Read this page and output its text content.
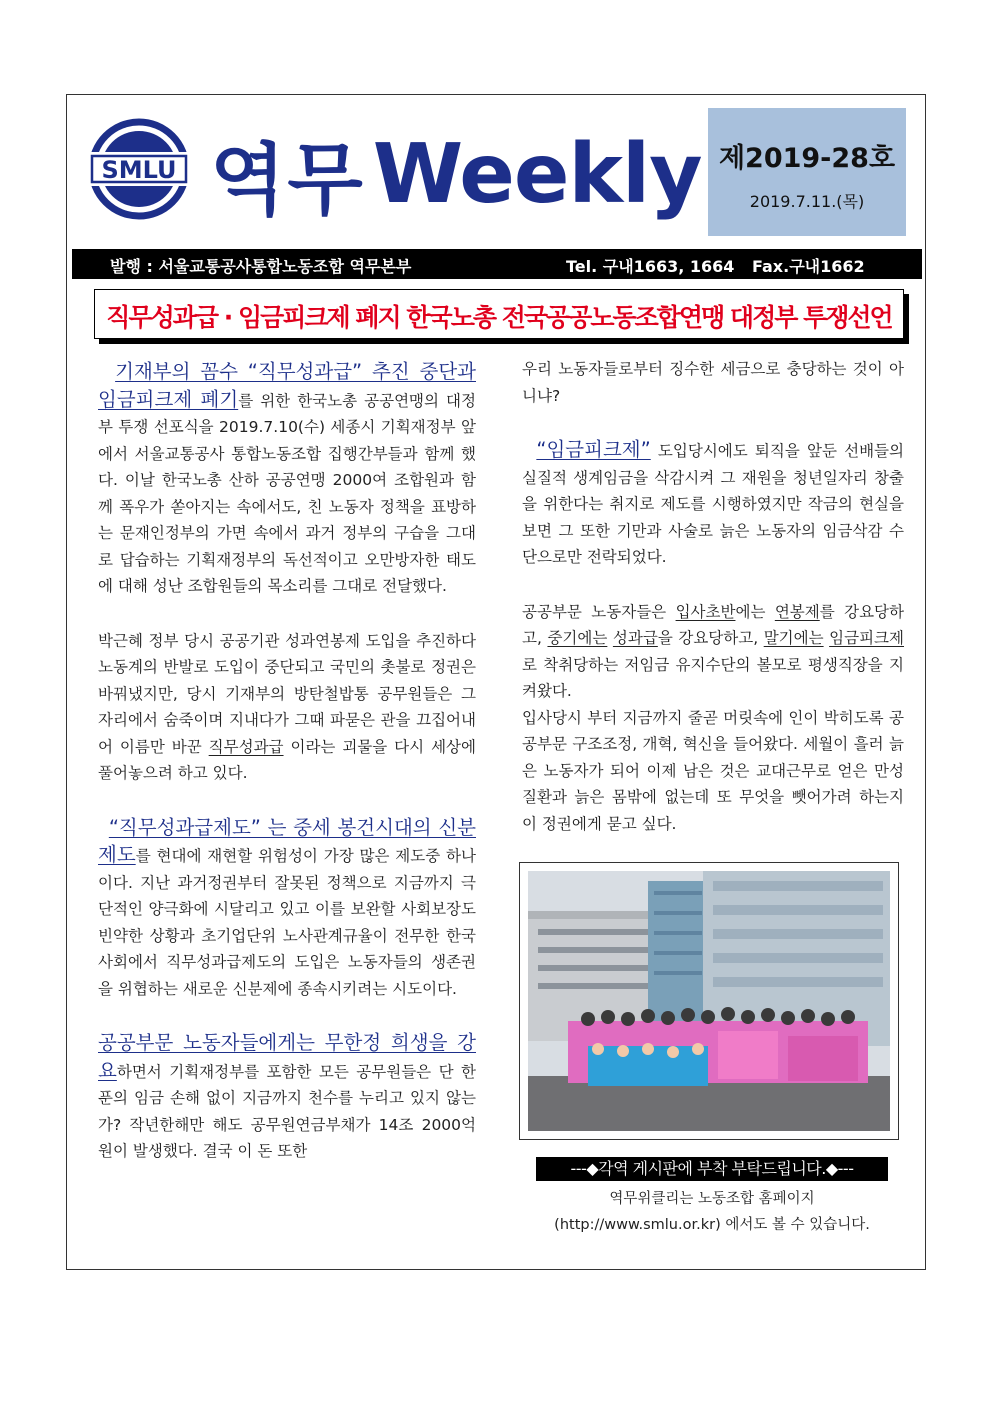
SMLU 역무Weekly 제2019-28호
2019.7.11.(목)
발행 : 서울교통공사통합노동조합 역무본부	Tel. 구내1663, 1664 Fax.구내1662
직무성과급 · 임금피크제 폐지 한국노총 전국공공노동조합연맹 대정부 투쟁선언

기재부의 꼼수 “직무성과급” 추진 중단과 임금피크제 폐기를 위한 한국노총 공공연맹의 대정부 투쟁 선포식을 2019.7.10(수) 세종시 기획재정부 앞에서 서울교통공사 통합노동조합 집행간부들과 함께 했다. 이날 한국노총 산하 공공연맹 2000여 조합원과 함께 폭우가 쏟아지는 속에서도, 친 노동자 정책을 표방하는 문재인정부의 가면 속에서 과거 정부의 구습을 그대로 답습하는 기획재정부의 독선적이고 오만방자한 태도에 대해 성난 조합원들의 목소리를 그대로 전달했다.

박근혜 정부 당시 공공기관 성과연봉제 도입을 추진하다 노동계의 반발로 도입이 중단되고 국민의 촛불로 정권은 바꿔냈지만, 당시 기재부의 방탄철밥통 공무원들은 그 자리에서 숨죽이며 지내다가 그때 파묻은 관을 끄집어내어 이름만 바꾼 직무성과급 이라는 괴물을 다시 세상에 풀어놓으려 하고 있다.

“직무성과급제도” 는 중세 봉건시대의 신분제도를 현대에 재현할 위험성이 가장 많은 제도중 하나이다. 지난 과거정권부터 잘못된 정책으로 지금까지 극단적인 양극화에 시달리고 있고 이를 보완할 사회보장도 빈약한 상황과 초기업단위 노사관계규율이 전무한 한국사회에서 직무성과급제도의 도입은 노동자들의 생존권을 위협하는 새로운 신분제에 종속시키려는 시도이다.

공공부문 노동자들에게는 무한정 희생을 강요하면서 기획재정부를 포함한 모든 공무원들은 단 한 푼의 임금 손해 없이 지금까지 천수를 누리고 있지 않는가? 작년한해만 해도 공무원연금부채가 14조 2000억 원이 발생했다. 결국 이 돈 또한

우리 노동자들로부터 징수한 세금으로 충당하는 것이 아니냐?

“임금피크제” 도입당시에도 퇴직을 앞둔 선배들의 실질적 생계임금을 삭감시켜 그 재원을 청년일자리 창출을 위한다는 취지로 제도를 시행하였지만 작금의 현실을 보면 그 또한 기만과 사술로 늙은 노동자의 임금삭감 수단으로만 전락되었다.

공공부문 노동자들은 입사초반에는 연봉제를 강요당하고, 중기에는 성과급을 강요당하고, 말기에는 임금피크제로 착취당하는 저임금 유지수단의 볼모로 평생직장을 지켜왔다.

입사당시 부터 지금까지 줄곧 머릿속에 인이 박히도록 공공부문 구조조정, 개혁, 혁신을 들어왔다. 세월이 흘러 늙은 노동자가 되어 이제 남은 것은 교대근무로 얻은 만성질환과 늙은 몸밖에 없는데 또 무엇을 뺏어가려 하는지 이 정권에게 묻고 싶다.

---◆각역 게시판에 부착 부탁드립니다.◆---
역무위클리는 노동조합 홈페이지
(http://www.smlu.or.kr) 에서도 볼 수 있습니다.
